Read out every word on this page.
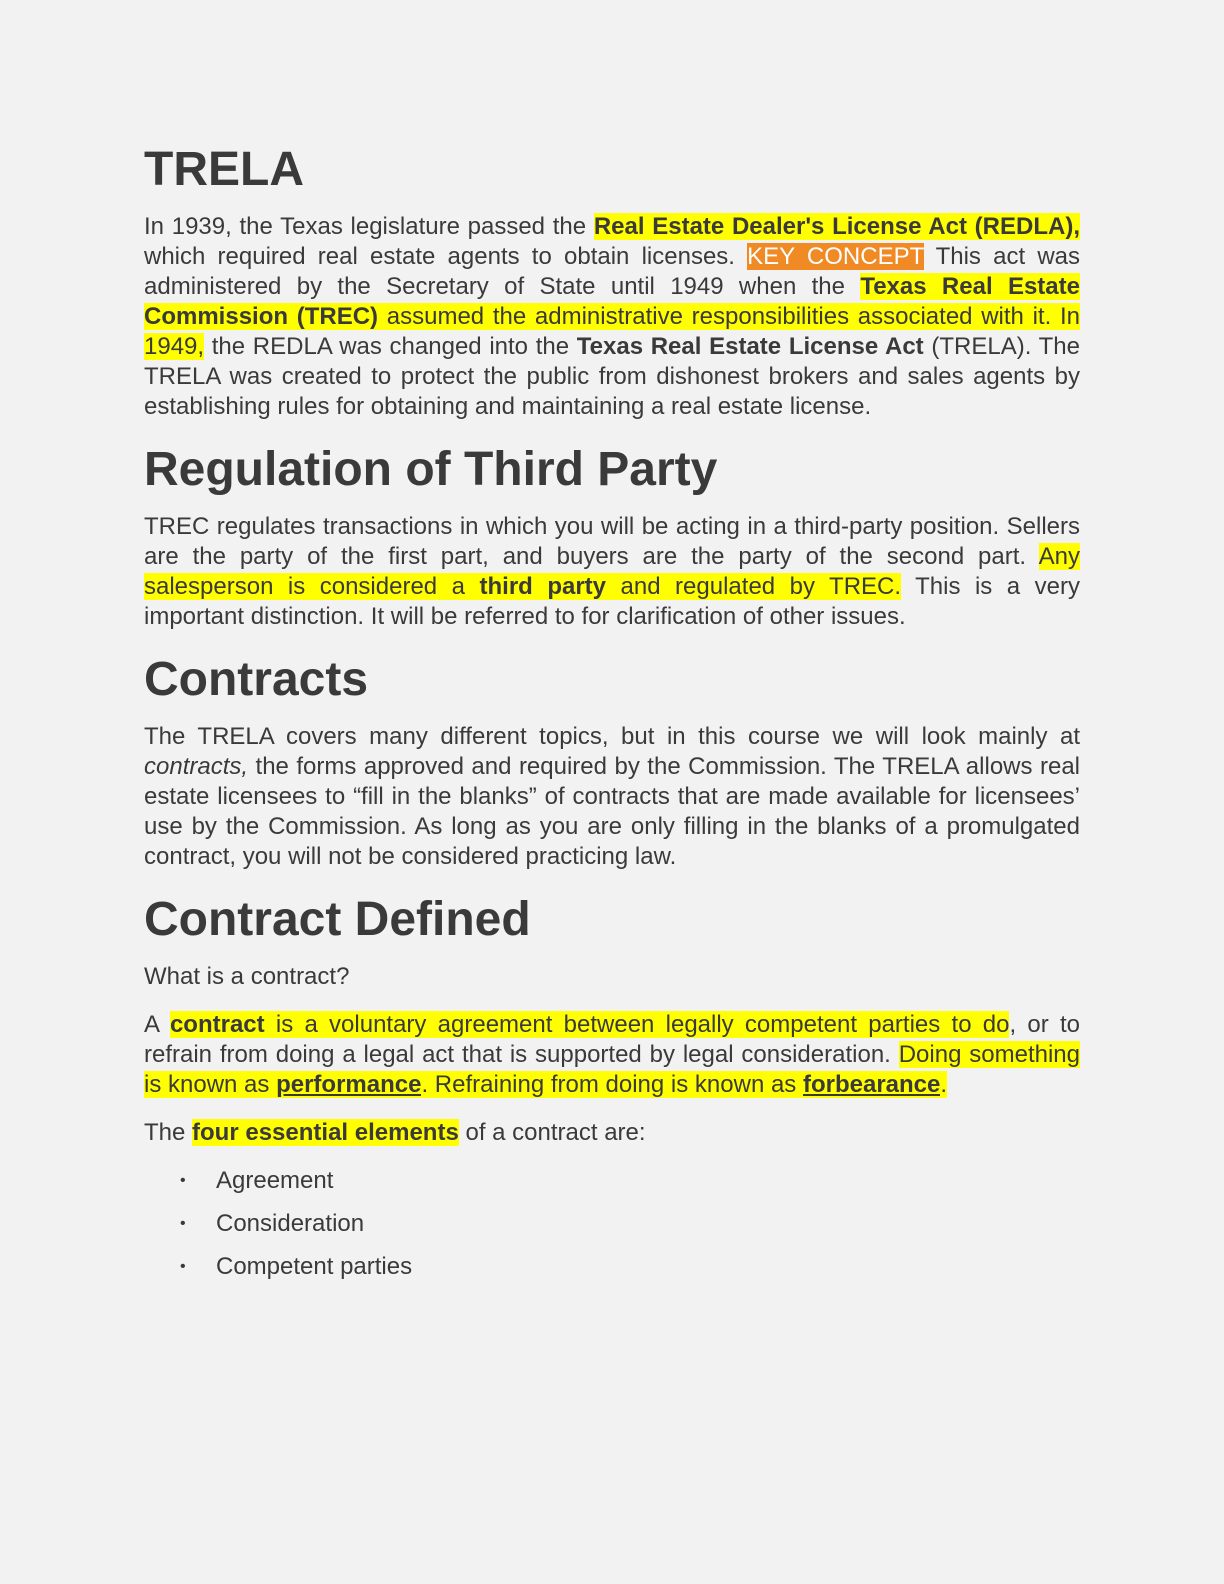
TRELA

In 1939, the Texas legislature passed the Real Estate Dealer's License Act (REDLA), which required real estate agents to obtain licenses. KEY CONCEPT This act was administered by the Secretary of State until 1949 when the Texas Real Estate Commission (TREC) assumed the administrative responsibilities associated with it. In 1949, the REDLA was changed into the Texas Real Estate License Act (TRELA). The TRELA was created to protect the public from dishonest brokers and sales agents by establishing rules for obtaining and maintaining a real estate license.

Regulation of Third Party

TREC regulates transactions in which you will be acting in a third-party position. Sellers are the party of the first part, and buyers are the party of the second part. Any salesperson is considered a third party and regulated by TREC. This is a very important distinction. It will be referred to for clarification of other issues.

Contracts

The TRELA covers many different topics, but in this course we will look mainly at contracts, the forms approved and required by the Commission. The TRELA allows real estate licensees to “fill in the blanks” of contracts that are made available for licensees’ use by the Commission. As long as you are only filling in the blanks of a promulgated contract, you will not be considered practicing law.

Contract Defined

What is a contract?

A contract is a voluntary agreement between legally competent parties to do, or to refrain from doing a legal act that is supported by legal consideration. Doing something is known as performance. Refraining from doing is known as forbearance.

The four essential elements of a contract are:

• Agreement
• Consideration
• Competent parties
